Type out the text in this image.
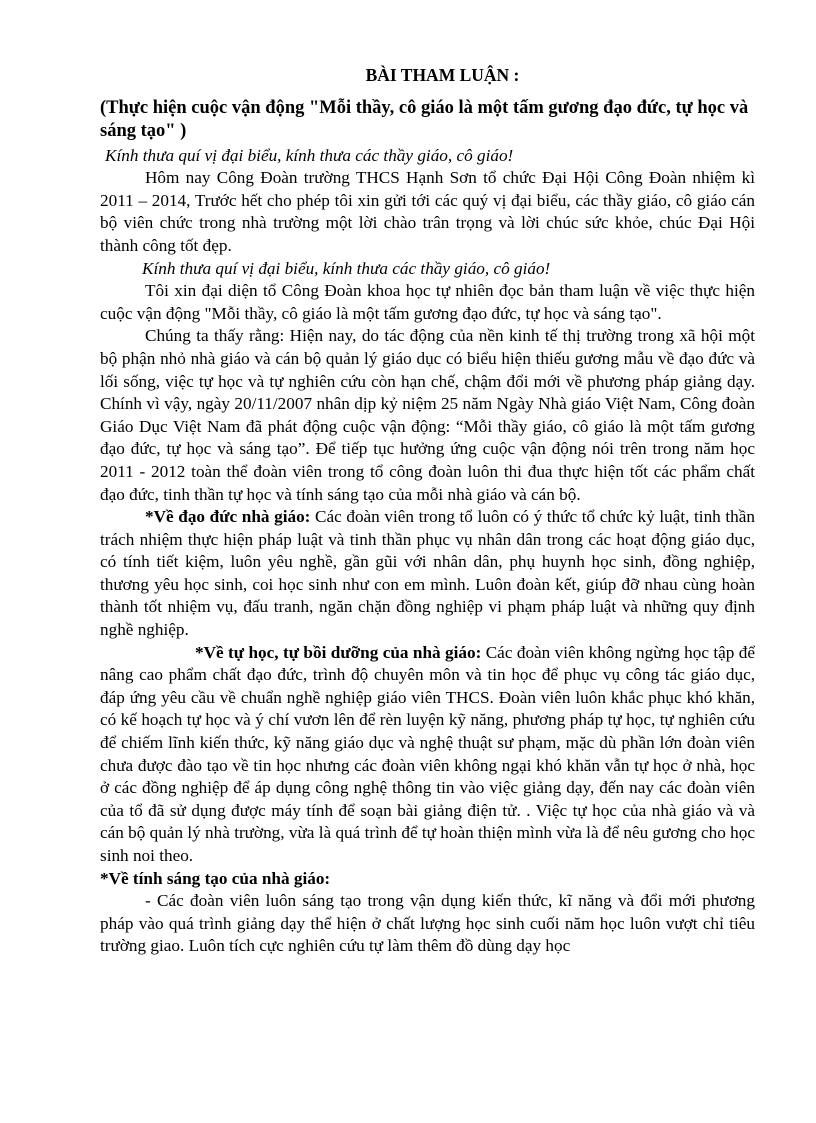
BÀI THAM LUẬN :
(Thực hiện cuộc vận động "Mỗi thầy, cô giáo là một tấm gương đạo đức, tự học và sáng tạo" )

Kính thưa quí vị đại biểu, kính thưa các thầy giáo, cô giáo!

Hôm nay Công Đoàn trường THCS Hạnh Sơn tổ chức Đại Hội Công Đoàn nhiệm kì 2011 – 2014, Trước hết cho phép tôi xin gửi tới các quý vị đại biểu, các thầy giáo, cô giáo cán bộ viên chức trong nhà trường một lời chào trân trọng và lời chúc sức khỏe, chúc Đại Hội thành công tốt đẹp.

Kính thưa quí vị đại biểu, kính thưa các thầy giáo, cô giáo!

Tôi xin đại diện tổ Công Đoàn khoa học tự nhiên đọc bản tham luận về việc thực hiện cuộc vận động "Mỗi thầy, cô giáo là một tấm gương đạo đức, tự học và sáng tạo".

Chúng ta thấy rằng: Hiện nay, do tác động của nền kinh tế thị trường trong xã hội một bộ phận nhỏ nhà giáo và cán bộ quản lý giáo dục có biểu hiện thiếu gương mẫu về đạo đức và lối sống, việc tự học và tự nghiên cứu còn hạn chế, chậm đổi mới về phương pháp giảng dạy. Chính vì vậy, ngày 20/11/2007 nhân dịp kỷ niệm 25 năm Ngày Nhà giáo Việt Nam, Công đoàn Giáo Dục Việt Nam đã phát động cuộc vận động: “Mỗi thầy giáo, cô giáo là một tấm gương đạo đức, tự học và sáng tạo”. Để tiếp tục hưởng ứng cuộc vận động nói trên trong năm học 2011 - 2012 toàn thể đoàn viên trong tổ công đoàn luôn thi đua thực hiện tốt các phẩm chất đạo đức, tinh thần tự học và tính sáng tạo của mỗi nhà giáo và cán bộ.

*Về đạo đức nhà giáo: Các đoàn viên trong tổ luôn có ý thức tổ chức kỷ luật, tinh thần trách nhiệm thực hiện pháp luật và tinh thần phục vụ nhân dân trong các hoạt động giáo dục, có tính tiết kiệm, luôn yêu nghề, gần gũi với nhân dân, phụ huynh học sinh, đồng nghiệp, thương yêu học sinh, coi học sinh như con em mình. Luôn đoàn kết, giúp đỡ nhau cùng hoàn thành tốt nhiệm vụ, đấu tranh, ngăn chặn đồng nghiệp vi phạm pháp luật và những quy định nghề nghiệp.

*Về tự học, tự bồi dưỡng của nhà giáo: Các đoàn viên không ngừng học tập để nâng cao phẩm chất đạo đức, trình độ chuyên môn và tin học để phục vụ công tác giáo dục, đáp ứng yêu cầu về chuẩn nghề nghiệp giáo viên THCS. Đoàn viên luôn khắc phục khó khăn, có kế hoạch tự học và ý chí vươn lên để rèn luyện kỹ năng, phương pháp tự học, tự nghiên cứu để chiếm lĩnh kiến thức, kỹ năng giáo dục và nghệ thuật sư phạm, mặc dù phần lớn đoàn viên chưa được đào tạo về tin học nhưng các đoàn viên không ngại khó khăn vẫn tự học ở nhà, học ở các đồng nghiệp để áp dụng công nghệ thông tin vào việc giảng dạy, đến nay các đoàn viên của tổ đã sử dụng được máy tính để soạn bài giảng điện tử. . Việc tự học của nhà giáo và và cán bộ quản lý nhà trường, vừa là quá trình để tự hoàn thiện mình vừa là để nêu gương cho học sinh noi theo.

*Về tính sáng tạo của nhà giáo:

- Các đoàn viên luôn sáng tạo trong vận dụng kiến thức, kĩ năng và đổi mới phương pháp vào quá trình giảng dạy thể hiện ở chất lượng học sinh cuối năm học luôn vượt chỉ tiêu trường giao. Luôn tích cực nghiên cứu tự làm thêm đồ dùng dạy học
